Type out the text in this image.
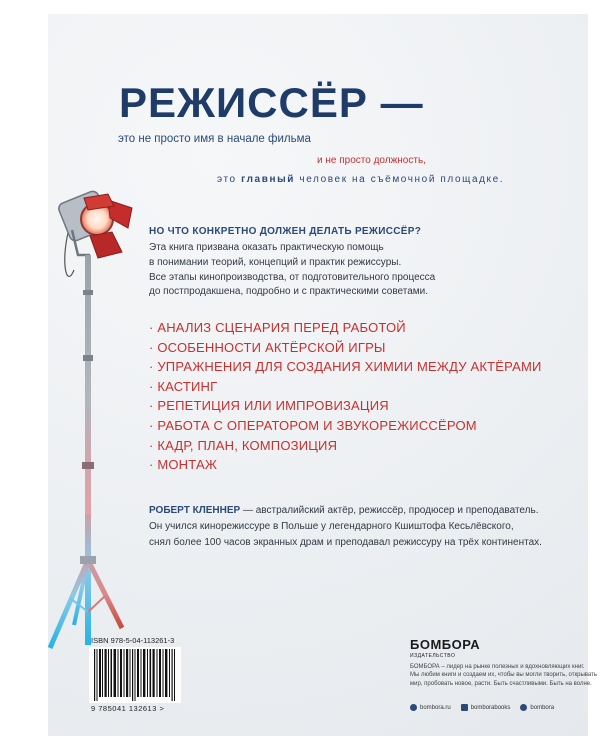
РЕЖИССЁР —
это не просто имя в начале фильма
и не просто должность,
это главный человек на съёмочной площадке.
НО ЧТО КОНКРЕТНО ДОЛЖЕН ДЕЛАТЬ РЕЖИССЁР?
Эта книга призвана оказать практическую помощь
в понимании теорий, концепций и практик режиссуры.
Все этапы кинопроизводства, от подготовительного процесса
до постпродакшена, подробно и с практическими советами.
· АНАЛИЗ СЦЕНАРИЯ ПЕРЕД РАБОТОЙ
· ОСОБЕННОСТИ АКТЁРСКОЙ ИГРЫ
· УПРАЖНЕНИЯ ДЛЯ СОЗДАНИЯ ХИМИИ МЕЖДУ АКТЁРАМИ
· КАСТИНГ
· РЕПЕТИЦИЯ ИЛИ ИМПРОВИЗАЦИЯ
· РАБОТА С ОПЕРАТОРОМ И ЗВУКОРЕЖИССЁРОМ
· КАДР, ПЛАН, КОМПОЗИЦИЯ
· МОНТАЖ
РОБЕРТ КЛЕННЕР — австралийский актёр, режиссёр, продюсер и преподаватель.
Он учился кинорежиссуре в Польше у легендарного Кшиштофа Кесьлёвского,
снял более 100 часов экранных драм и преподавал режиссуру на трёх континентах.
ISBN 978-5-04-113261-3
9 785041 132613 >
БОМБОРА
ИЗДАТЕЛЬСТВО
БОМБОРА – лидер на рынке полезных и вдохновляющих книг.
Мы любим книги и создаем их, чтобы вы могли творить, открывать
мир, пробовать новое, расти. Быть счастливыми. Быть на волне.
bombora.ru	bomborabooks	bombora
